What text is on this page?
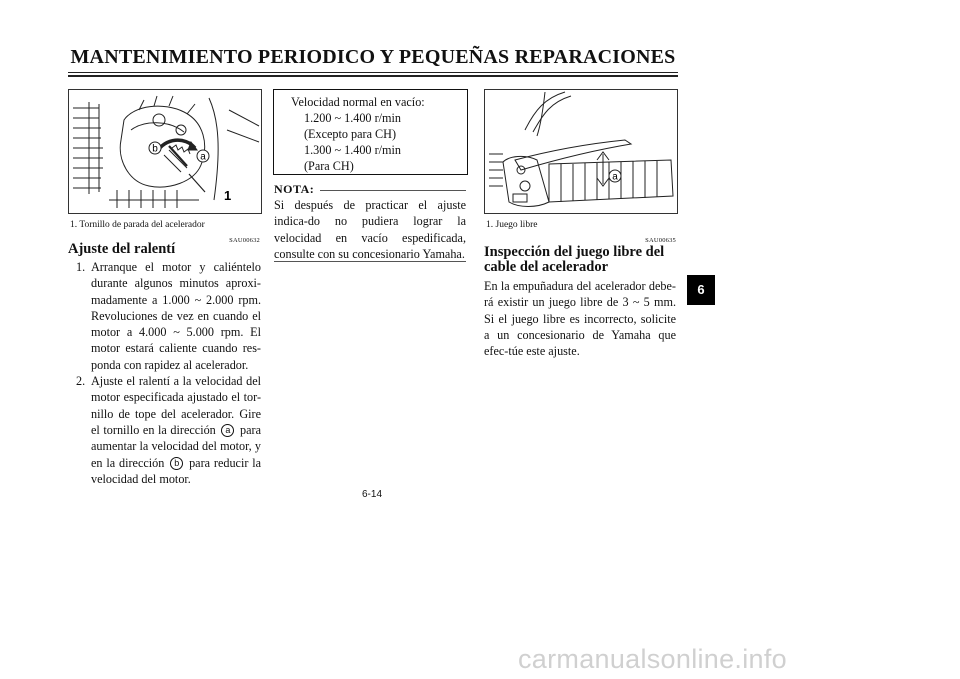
MANTENIMIENTO PERIODICO Y PEQUEÑAS REPARACIONES
b
a
1
1. Tornillo de parada del acelerador
SAU00632
Ajuste del ralentí
1. Arranque el motor y caliéntelo durante algunos minutos aproxi-madamente a 1.000 ~ 2.000 rpm. Revoluciones de vez en cuando el motor a 4.000 ~ 5.000 rpm. El motor estará caliente cuando res-ponda con rapidez al acelerador.
2. Ajuste el ralentí a la velocidad del motor especificada ajustado el tor-nillo de tope del acelerador. Gire el tornillo en la dirección a para aumentar la velocidad del motor, y en la dirección b para reducir la velocidad del motor.
Velocidad normal en vacío:
1.200 ~ 1.400 r/min
(Excepto para CH)
1.300 ~ 1.400 r/min
(Para CH)
NOTA:

Si después de practicar el ajuste indica-do no pudiera lograr la velocidad en vacío espedificada, consulte con su concesionario Yamaha.

a
1. Juego libre
SAU00635
Inspección del juego libre del
cable del acelerador

En la empuñadura del acelerador debe-rá existir un juego libre de 3 ~ 5 mm. Si el juego libre es incorrecto, solicite a un concesionario de Yamaha que efec-túe este ajuste.

6-14
6
carmanualsonline.info
